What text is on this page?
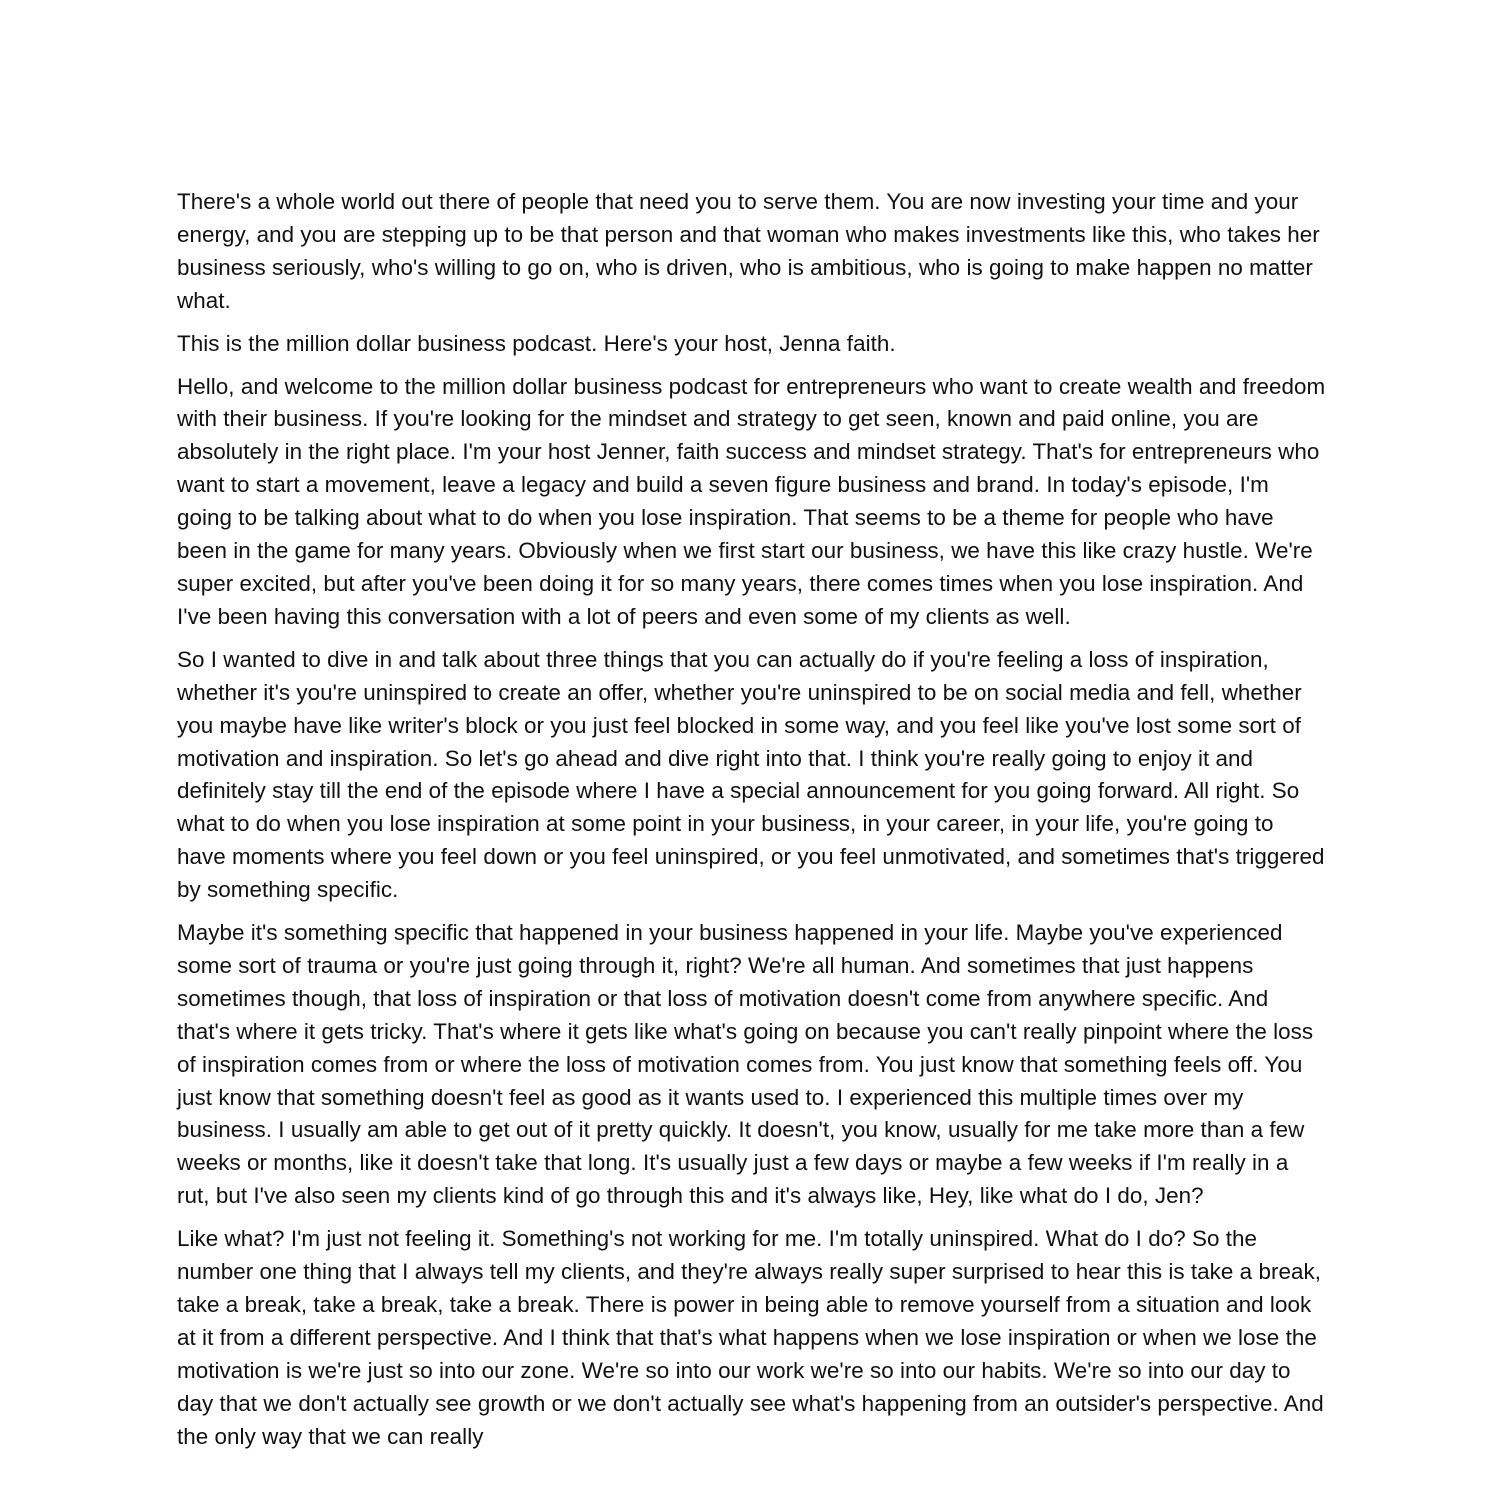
There's a whole world out there of people that need you to serve them. You are now investing your time and your energy, and you are stepping up to be that person and that woman who makes investments like this, who takes her business seriously, who's willing to go on, who is driven, who is ambitious, who is going to make happen no matter what.

This is the million dollar business podcast. Here's your host, Jenna faith.

Hello, and welcome to the million dollar business podcast for entrepreneurs who want to create wealth and freedom with their business. If you're looking for the mindset and strategy to get seen, known and paid online, you are absolutely in the right place. I'm your host Jenner, faith success and mindset strategy. That's for entrepreneurs who want to start a movement, leave a legacy and build a seven figure business and brand. In today's episode, I'm going to be talking about what to do when you lose inspiration. That seems to be a theme for people who have been in the game for many years. Obviously when we first start our business, we have this like crazy hustle. We're super excited, but after you've been doing it for so many years, there comes times when you lose inspiration. And I've been having this conversation with a lot of peers and even some of my clients as well.

So I wanted to dive in and talk about three things that you can actually do if you're feeling a loss of inspiration, whether it's you're uninspired to create an offer, whether you're uninspired to be on social media and fell, whether you maybe have like writer's block or you just feel blocked in some way, and you feel like you've lost some sort of motivation and inspiration. So let's go ahead and dive right into that. I think you're really going to enjoy it and definitely stay till the end of the episode where I have a special announcement for you going forward. All right. So what to do when you lose inspiration at some point in your business, in your career, in your life, you're going to have moments where you feel down or you feel uninspired, or you feel unmotivated, and sometimes that's triggered by something specific.

Maybe it's something specific that happened in your business happened in your life. Maybe you've experienced some sort of trauma or you're just going through it, right? We're all human. And sometimes that just happens sometimes though, that loss of inspiration or that loss of motivation doesn't come from anywhere specific. And that's where it gets tricky. That's where it gets like what's going on because you can't really pinpoint where the loss of inspiration comes from or where the loss of motivation comes from. You just know that something feels off. You just know that something doesn't feel as good as it wants used to. I experienced this multiple times over my business. I usually am able to get out of it pretty quickly. It doesn't, you know, usually for me take more than a few weeks or months, like it doesn't take that long. It's usually just a few days or maybe a few weeks if I'm really in a rut, but I've also seen my clients kind of go through this and it's always like, Hey, like what do I do, Jen?

Like what? I'm just not feeling it. Something's not working for me. I'm totally uninspired. What do I do? So the number one thing that I always tell my clients, and they're always really super surprised to hear this is take a break, take a break, take a break, take a break. There is power in being able to remove yourself from a situation and look at it from a different perspective. And I think that that's what happens when we lose inspiration or when we lose the motivation is we're just so into our zone. We're so into our work we're so into our habits. We're so into our day to day that we don't actually see growth or we don't actually see what's happening from an outsider's perspective. And the only way that we can really
